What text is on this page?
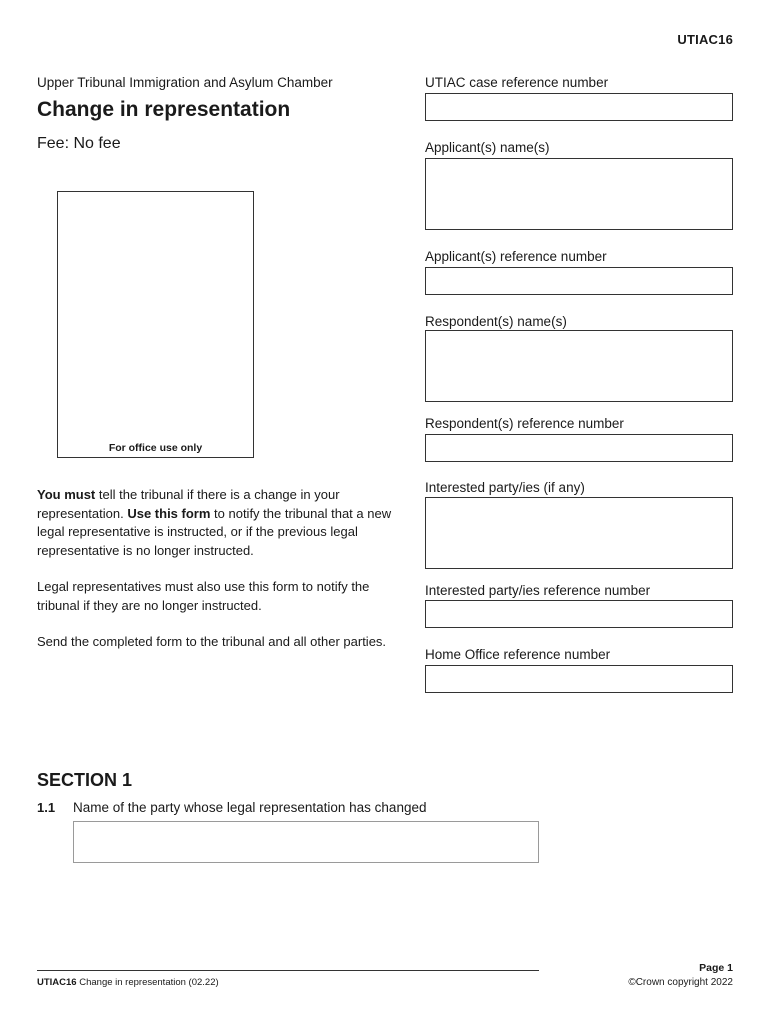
UTIAC16
Upper Tribunal Immigration and Asylum Chamber
Change in representation
Fee: No fee
For office use only

You must tell the tribunal if there is a change in your representation. Use this form to notify the tribunal that a new legal representative is instructed, or if the previous legal representative is no longer instructed.

Legal representatives must also use this form to notify the tribunal if they are no longer instructed.

Send the completed form to the tribunal and all other parties.

UTIAC case reference number
Applicant(s) name(s)
Applicant(s) reference number
Respondent(s) name(s)
Respondent(s) reference number
Interested party/ies (if any)
Interested party/ies reference number
Home Office reference number
SECTION 1
1.1 Name of the party whose legal representation has changed
UTIAC16 Change in representation (02.22)
Page 1
©Crown copyright 2022
